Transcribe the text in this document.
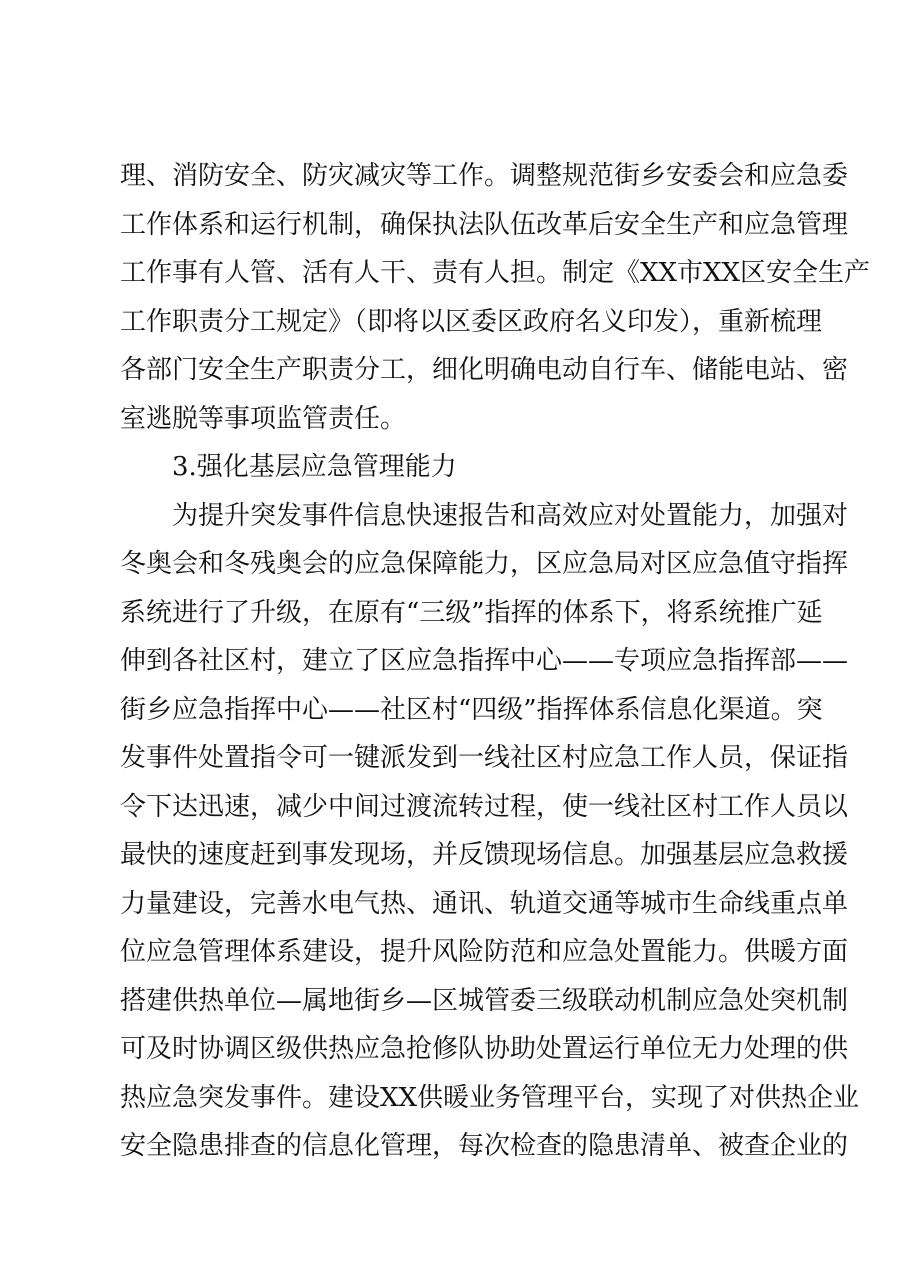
理、消防安全、防灾减灾等工作。调整规范街乡安委会和应急委
工作体系和运行机制，确保执法队伍改革后安全生产和应急管理
工作事有人管、活有人干、责有人担。制定《XX市XX区安全生产
工作职责分工规定》（即将以区委区政府名义印发），重新梳理
各部门安全生产职责分工，细化明确电动自行车、储能电站、密
室逃脱等事项监管责任。
3.强化基层应急管理能力
为提升突发事件信息快速报告和高效应对处置能力，加强对
冬奥会和冬残奥会的应急保障能力，区应急局对区应急值守指挥
系统进行了升级，在原有“三级”指挥的体系下，将系统推广延
伸到各社区村，建立了区应急指挥中心——专项应急指挥部——
街乡应急指挥中心——社区村“四级”指挥体系信息化渠道。突
发事件处置指令可一键派发到一线社区村应急工作人员，保证指
令下达迅速，减少中间过渡流转过程，使一线社区村工作人员以
最快的速度赶到事发现场，并反馈现场信息。加强基层应急救援
力量建设，完善水电气热、通讯、轨道交通等城市生命线重点单
位应急管理体系建设，提升风险防范和应急处置能力。供暖方面
搭建供热单位—属地街乡—区城管委三级联动机制应急处突机制
可及时协调区级供热应急抢修队协助处置运行单位无力处理的供
热应急突发事件。建设XX供暖业务管理平台，实现了对供热企业
安全隐患排查的信息化管理，每次检查的隐患清单、被查企业的
